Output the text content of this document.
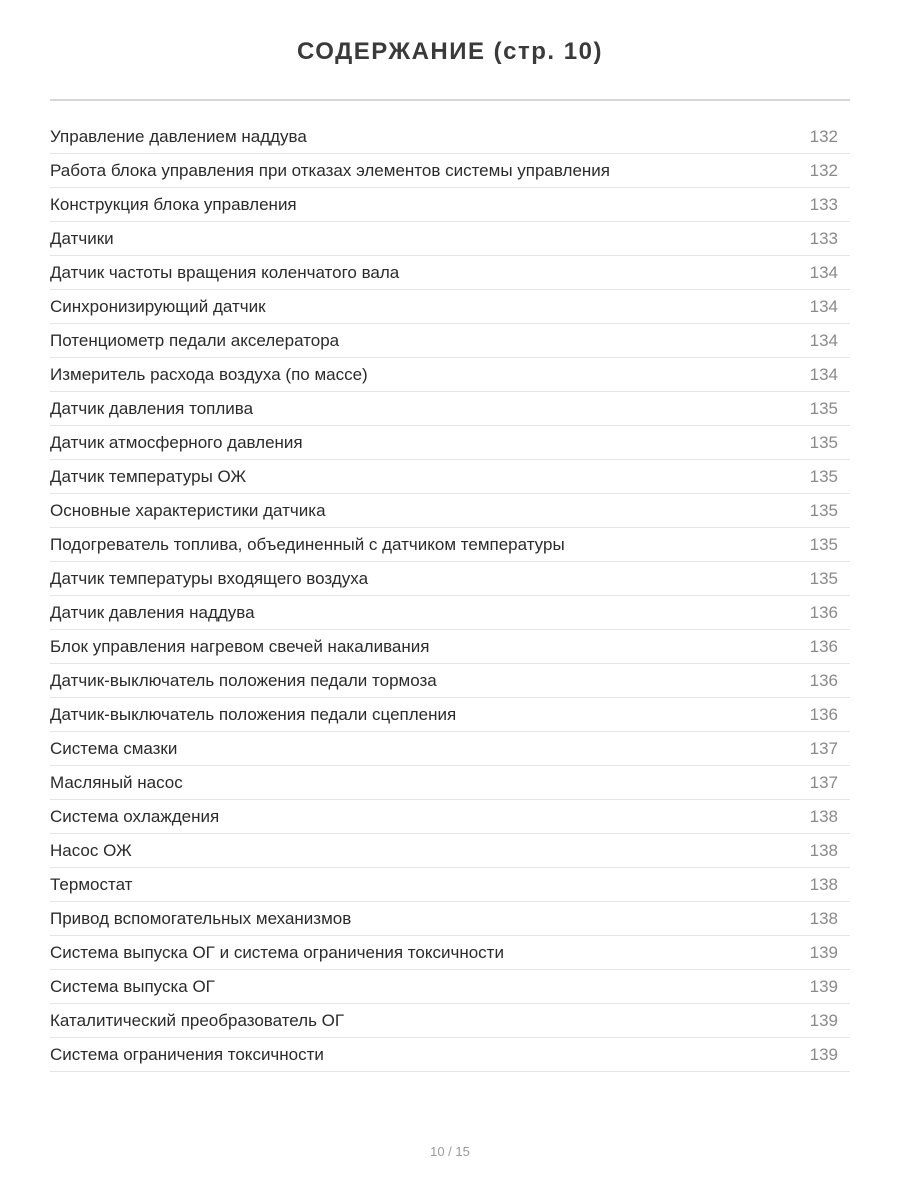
СОДЕРЖАНИЕ (стр. 10)
Управление давлением наддува	132
Работа блока управления при отказах элементов системы управления	132
Конструкция блока управления	133
Датчики	133
Датчик частоты вращения коленчатого вала	134
Синхронизирующий датчик	134
Потенциометр педали акселератора	134
Измеритель расхода воздуха (по массе)	134
Датчик давления топлива	135
Датчик атмосферного давления	135
Датчик температуры ОЖ	135
Основные характеристики датчика	135
Подогреватель топлива, объединенный с датчиком температуры	135
Датчик температуры входящего воздуха	135
Датчик давления наддува	136
Блок управления нагревом свечей накаливания	136
Датчик-выключатель положения педали тормоза	136
Датчик-выключатель положения педали сцепления	136
Система смазки	137
Масляный насос	137
Система охлаждения	138
Насос ОЖ	138
Термостат	138
Привод вспомогательных механизмов	138
Система выпуска ОГ и система ограничения токсичности	139
Система выпуска ОГ	139
Каталитический преобразователь ОГ	139
Система ограничения токсичности	139
10 / 15
